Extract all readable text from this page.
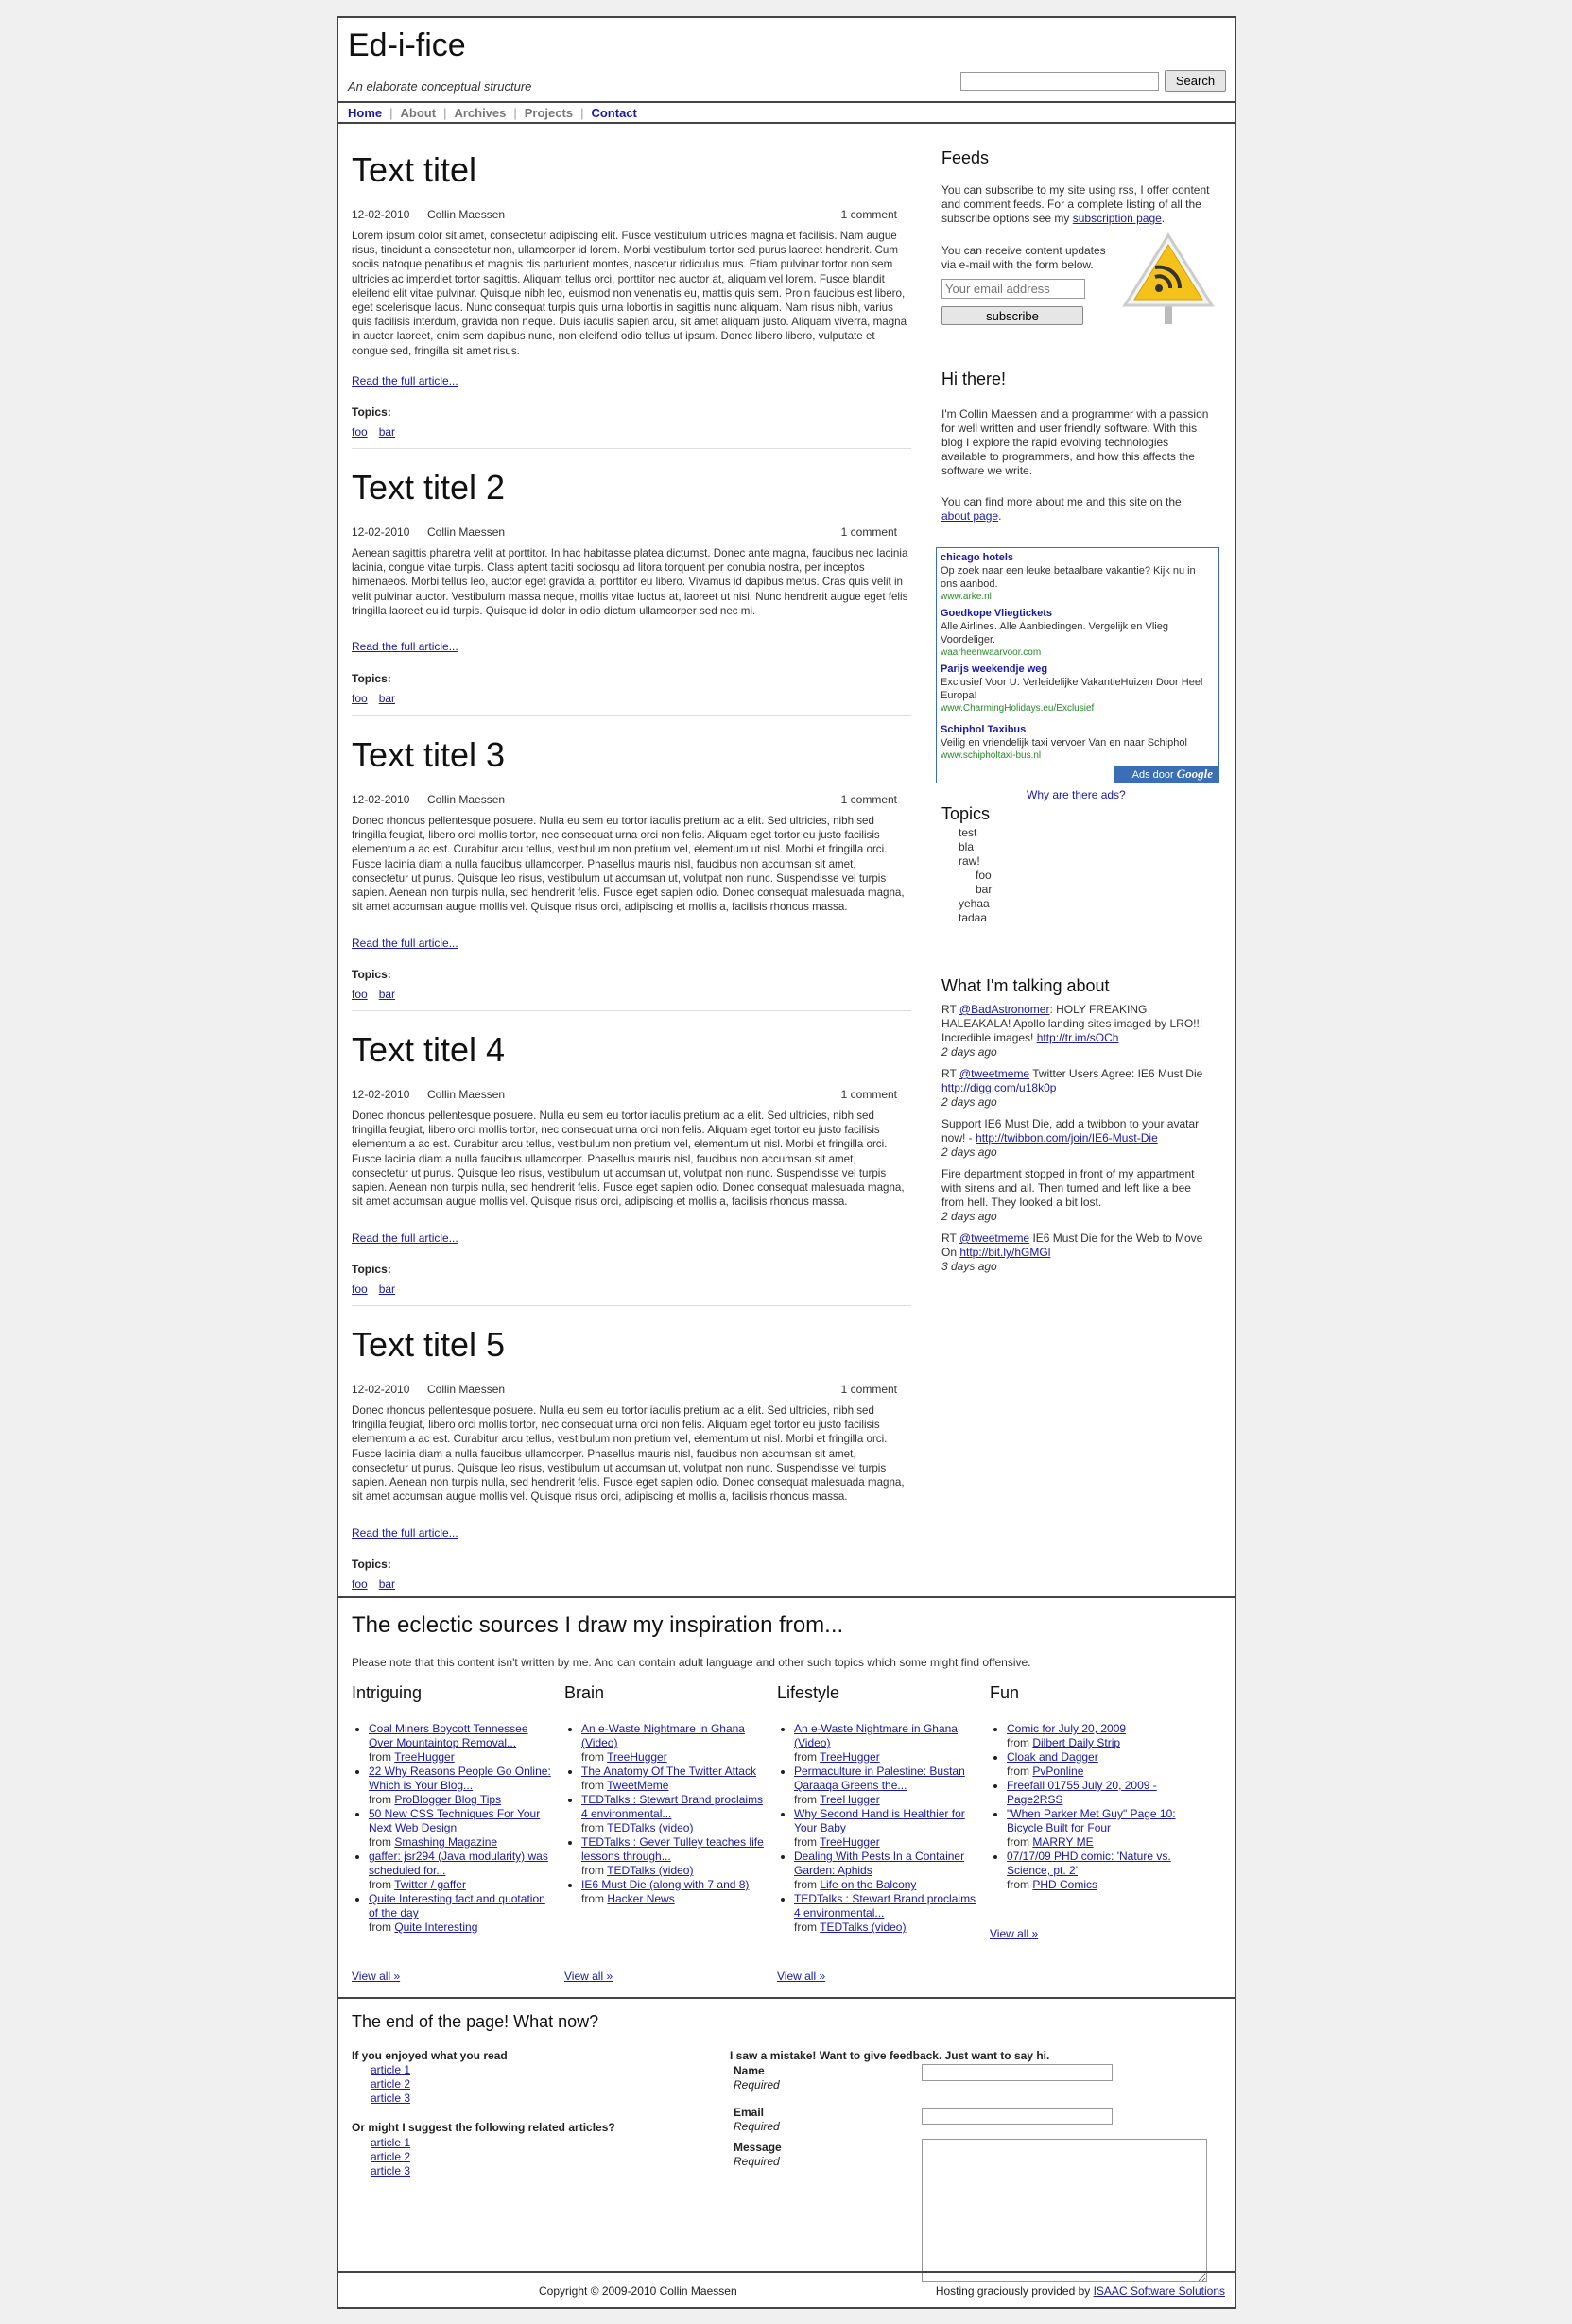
Ed-i-fice
An elaborate conceptual structure	Search
Home | About | Archives | Projects | Contact
Text titel
12-02-2010 Collin Maessen	1 comment

Lorem ipsum dolor sit amet, consectetur adipiscing elit. Fusce vestibulum ultricies magna et facilisis. Nam augue risus, tincidunt a consectetur non, ullamcorper id lorem. Morbi vestibulum tortor sed purus laoreet hendrerit. Cum sociis natoque penatibus et magnis dis parturient montes, nascetur ridiculus mus. Etiam pulvinar tortor non sem ultricies ac imperdiet tortor sagittis. Aliquam tellus orci, porttitor nec auctor at, aliquam vel lorem. Fusce blandit eleifend elit vitae pulvinar. Quisque nibh leo, euismod non venenatis eu, mattis quis sem. Proin faucibus est libero, eget scelerisque lacus. Nunc consequat turpis quis urna lobortis in sagittis nunc aliquam. Nam risus nibh, varius quis facilisis interdum, gravida non neque. Duis iaculis sapien arcu, sit amet aliquam justo. Aliquam viverra, magna in auctor laoreet, enim sem dapibus nunc, non eleifend odio tellus ut ipsum. Donec libero libero, vulputate et congue sed, fringilla sit amet risus.

Read the full article...
Topics:
foo bar
Text titel 2
12-02-2010 Collin Maessen	1 comment

Aenean sagittis pharetra velit at porttitor. In hac habitasse platea dictumst. Donec ante magna, faucibus nec lacinia lacinia, congue vitae turpis. Class aptent taciti sociosqu ad litora torquent per conubia nostra, per inceptos himenaeos. Morbi tellus leo, auctor eget gravida a, porttitor eu libero. Vivamus id dapibus metus. Cras quis velit in velit pulvinar auctor. Vestibulum massa neque, mollis vitae luctus at, laoreet ut nisi. Nunc hendrerit augue eget felis fringilla laoreet eu id turpis. Quisque id dolor in odio dictum ullamcorper sed nec mi.

Read the full article...
Topics:
foo bar
Text titel 3
12-02-2010 Collin Maessen	1 comment

Donec rhoncus pellentesque posuere. Nulla eu sem eu tortor iaculis pretium ac a elit. Sed ultricies, nibh sed fringilla feugiat, libero orci mollis tortor, nec consequat urna orci non felis. Aliquam eget tortor eu justo facilisis elementum a ac est. Curabitur arcu tellus, vestibulum non pretium vel, elementum ut nisl. Morbi et fringilla orci. Fusce lacinia diam a nulla faucibus ullamcorper. Phasellus mauris nisl, faucibus non accumsan sit amet, consectetur ut purus. Quisque leo risus, vestibulum ut accumsan ut, volutpat non nunc. Suspendisse vel turpis sapien. Aenean non turpis nulla, sed hendrerit felis. Fusce eget sapien odio. Donec consequat malesuada magna, sit amet accumsan augue mollis vel. Quisque risus orci, adipiscing et mollis a, facilisis rhoncus massa.

Read the full article...
Topics:
foo bar
Text titel 4
12-02-2010 Collin Maessen	1 comment

Donec rhoncus pellentesque posuere. Nulla eu sem eu tortor iaculis pretium ac a elit. Sed ultricies, nibh sed fringilla feugiat, libero orci mollis tortor, nec consequat urna orci non felis. Aliquam eget tortor eu justo facilisis elementum a ac est. Curabitur arcu tellus, vestibulum non pretium vel, elementum ut nisl. Morbi et fringilla orci. Fusce lacinia diam a nulla faucibus ullamcorper. Phasellus mauris nisl, faucibus non accumsan sit amet, consectetur ut purus. Quisque leo risus, vestibulum ut accumsan ut, volutpat non nunc. Suspendisse vel turpis sapien. Aenean non turpis nulla, sed hendrerit felis. Fusce eget sapien odio. Donec consequat malesuada magna, sit amet accumsan augue mollis vel. Quisque risus orci, adipiscing et mollis a, facilisis rhoncus massa.

Read the full article...
Topics:
foo bar
Text titel 5
12-02-2010 Collin Maessen	1 comment

Donec rhoncus pellentesque posuere. Nulla eu sem eu tortor iaculis pretium ac a elit. Sed ultricies, nibh sed fringilla feugiat, libero orci mollis tortor, nec consequat urna orci non felis. Aliquam eget tortor eu justo facilisis elementum a ac est. Curabitur arcu tellus, vestibulum non pretium vel, elementum ut nisl. Morbi et fringilla orci. Fusce lacinia diam a nulla faucibus ullamcorper. Phasellus mauris nisl, faucibus non accumsan sit amet, consectetur ut purus. Quisque leo risus, vestibulum ut accumsan ut, volutpat non nunc. Suspendisse vel turpis sapien. Aenean non turpis nulla, sed hendrerit felis. Fusce eget sapien odio. Donec consequat malesuada magna, sit amet accumsan augue mollis vel. Quisque risus orci, adipiscing et mollis a, facilisis rhoncus massa.

Read the full article...
Topics:
foo bar
Feeds

You can subscribe to my site using rss, I offer content and comment feeds. For a complete listing of all the subscribe options see my subscription page.

You can receive content updates via e-mail with the form below.

Your email address
subscribe
Hi there!

I'm Collin Maessen and a programmer with a passion for well written and user friendly software. With this blog I explore the rapid evolving technologies available to programmers, and how this affects the software we write.

You can find more about me and this site on the about page.

chicago hotels
Op zoek naar een leuke betaalbare vakantie? Kijk nu in ons aanbod.
www.arke.nl
Goedkope Vliegtickets
Alle Airlines. Alle Aanbiedingen. Vergelijk en Vlieg Voordeliger.
waarheenwaarvoor.com
Parijs weekendje weg
Exclusief Voor U. Verleidelijke VakantieHuizen Door Heel Europa!
www.CharmingHolidays.eu/Exclusief
Schiphol Taxibus
Veilig en vriendelijk taxi vervoer Van en naar Schiphol
www.schipholtaxi-bus.nl
Ads door Google
Why are there ads?
Topics
test
bla
raw!
foo
bar
yehaa
tadaa
What I'm talking about
RT @BadAstronomer: HOLY FREAKING HALEAKALA! Apollo landing sites imaged by LRO!!! Incredible images! http://tr.im/sOCh
2 days ago
RT @tweetmeme Twitter Users Agree: IE6 Must Die http://digg.com/u18k0p
2 days ago
Support IE6 Must Die, add a twibbon to your avatar now! - http://twibbon.com/join/IE6-Must-Die
2 days ago
Fire department stopped in front of my appartment with sirens and all. Then turned and left like a bee from hell. They looked a bit lost.
2 days ago
RT @tweetmeme IE6 Must Die for the Web to Move On http://bit.ly/hGMGl
3 days ago
The eclectic sources I draw my inspiration from...
Please note that this content isn't written by me. And can contain adult language and other such topics which some might find offensive.
Intriguing
• Coal Miners Boycott Tennessee Over Mountaintop Removal...
from TreeHugger
• 22 Why Reasons People Go Online: Which is Your Blog...
from ProBlogger Blog Tips
• 50 New CSS Techniques For Your Next Web Design
from Smashing Magazine
• gaffer: jsr294 (Java modularity) was scheduled for...
from Twitter / gaffer
• Quite Interesting fact and quotation of the day
from Quite Interesting
View all »
Brain
• An e-Waste Nightmare in Ghana (Video)
from TreeHugger
• The Anatomy Of The Twitter Attack
from TweetMeme
• TEDTalks : Stewart Brand proclaims 4 environmental...
from TEDTalks (video)
• TEDTalks : Gever Tulley teaches life lessons through...
from TEDTalks (video)
• IE6 Must Die (along with 7 and 8)
from Hacker News
View all »
Lifestyle
• An e-Waste Nightmare in Ghana (Video)
from TreeHugger
• Permaculture in Palestine: Bustan Qaraaqa Greens the...
from TreeHugger
• Why Second Hand is Healthier for Your Baby
from TreeHugger
• Dealing With Pests In a Container Garden: Aphids
from Life on the Balcony
• TEDTalks : Stewart Brand proclaims 4 environmental...
from TEDTalks (video)
View all »
Fun
• Comic for July 20, 2009
from Dilbert Daily Strip
• Cloak and Dagger
from PvPonline
• Freefall 01755 July 20, 2009 - Page2RSS
• "When Parker Met Guy" Page 10: Bicycle Built for Four
from MARRY ME
• 07/17/09 PHD comic: 'Nature vs. Science, pt. 2'
from PHD Comics
View all »
The end of the page! What now?
If you enjoyed what you read
article 1
article 2
article 3
Or might I suggest the following related articles?
article 1
article 2
article 3
I saw a mistake! Want to give feedback. Just want to say hi.
Name
Required
Email
Required
Message
Required
Copyright © 2009-2010 Collin Maessen	Hosting graciously provided by ISAAC Software Solutions
